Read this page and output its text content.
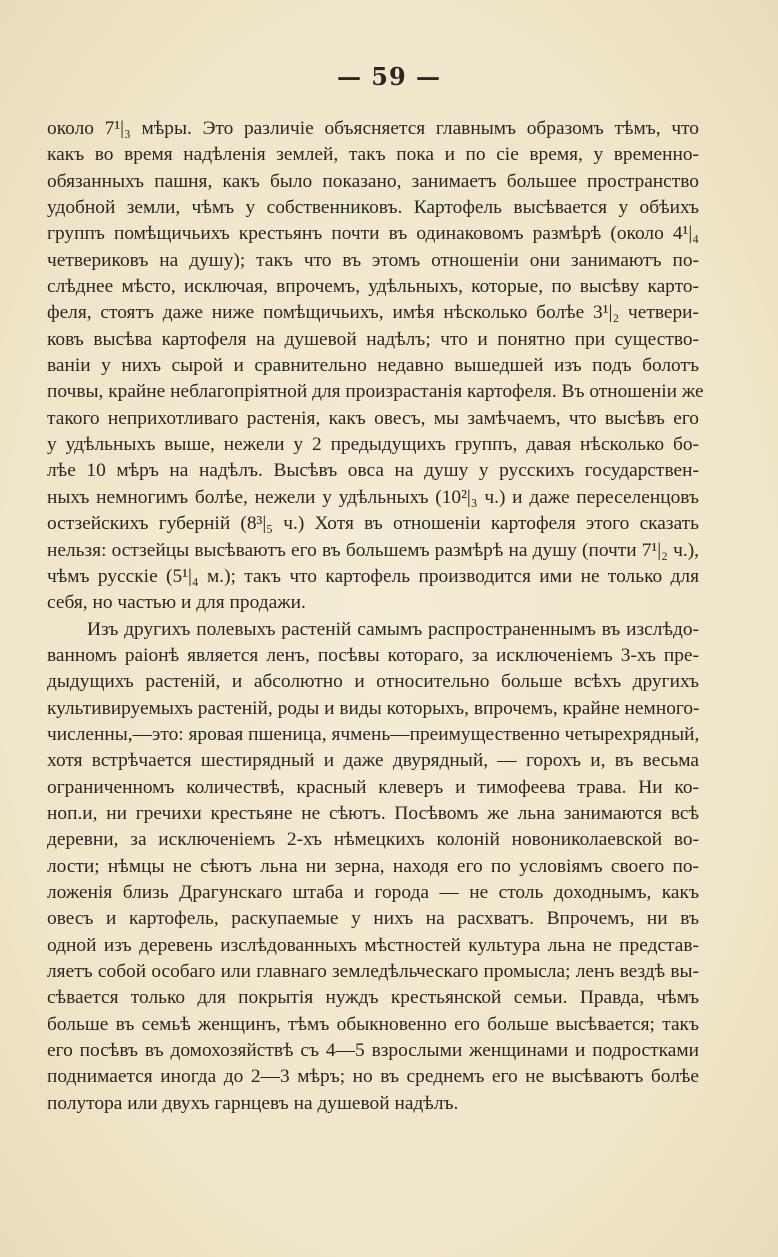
— 59 —
около 7¹|₃ мѣры. Это различіе объясняется главнымъ образомъ тѣмъ, что
какъ во время надѣленія землей, такъ пока и по сіе время, у временно-
обязанныхъ пашня, какъ было показано, занимаетъ большее пространство
удобной земли, чѣмъ у собственниковъ. Картофель высѣвается у обѣихъ
группъ помѣщичьихъ крестьянъ почти въ одинаковомъ размѣрѣ (около 4¹|₄
четвериковъ на душу); такъ что въ этомъ отношеніи они занимаютъ по-
слѣднее мѣсто, исключая, впрочемъ, удѣльныхъ, которые, по высѣву карто-
феля, стоятъ даже ниже помѣщичьихъ, имѣя нѣсколько болѣе 3¹|₂ четвери-
ковъ высѣва картофеля на душевой надѣлъ; что и понятно при существо-
ваніи у нихъ сырой и сравнительно недавно вышедшей изъ подъ болотъ
почвы, крайне неблагопріятной для произрастанія картофеля. Въ отношеніи же
такого неприхотливаго растенія, какъ овесъ, мы замѣчаемъ, что высѣвъ его
у удѣльныхъ выше, нежели у 2 предыдущихъ группъ, давая нѣсколько бо-
лѣе 10 мѣръ на надѣлъ. Высѣвъ овса на душу у русскихъ государствен-
ныхъ немногимъ болѣе, нежели у удѣльныхъ (10²|₃ ч.) и даже переселенцовъ
остзейскихъ губерній (8³|₅ ч.) Хотя въ отношеніи картофеля этого сказать
нельзя: остзейцы высѣваютъ его въ большемъ размѣрѣ на душу (почти 7¹|₂ ч.),
чѣмъ русскіе (5¹|₄ м.); такъ что картофель производится ими не только для
себя, но частью и для продажи.
Изъ другихъ полевыхъ растеній самымъ распространеннымъ въ изслѣдо-
ванномъ раіонѣ является ленъ, посѣвы котораго, за исключеніемъ 3-хъ пре-
дыдущихъ растеній, и абсолютно и относительно больше всѣхъ другихъ
культивируемыхъ растеній, роды и виды которыхъ, впрочемъ, крайне немного-
численны,—это: яровая пшеница, ячмень—преимущественно четырехрядный,
хотя встрѣчается шестирядный и даже двурядный, — горохъ и, въ весьма
ограниченномъ количествѣ, красный клеверъ и тимофеева трава. Ни ко-
ноп.и, ни гречихи крестьяне не сѣютъ. Посѣвомъ же льна занимаются всѣ
деревни, за исключеніемъ 2-хъ нѣмецкихъ колоній новониколаевской во-
лости; нѣмцы не сѣютъ льна ни зерна, находя его по условіямъ своего по-
ложенія близь Драгунскаго штаба и города — не столь доходнымъ, какъ
овесъ и картофель, раскупаемые у нихъ на расхватъ. Впрочемъ, ни въ
одной изъ деревень изслѣдованныхъ мѣстностей культура льна не представ-
ляетъ собой особаго или главнаго земледѣльческаго промысла; ленъ вездѣ вы-
сѣвается только для покрытія нуждъ крестьянской семьи. Правда, чѣмъ
больше въ семьѣ женщинъ, тѣмъ обыкновенно его больше высѣвается; такъ
его посѣвъ въ домохозяйствѣ съ 4—5 взрослыми женщинами и подростками
поднимается иногда до 2—3 мѣръ; но въ среднемъ его не высѣваютъ болѣе
полутора или двухъ гарнцевъ на душевой надѣлъ.
